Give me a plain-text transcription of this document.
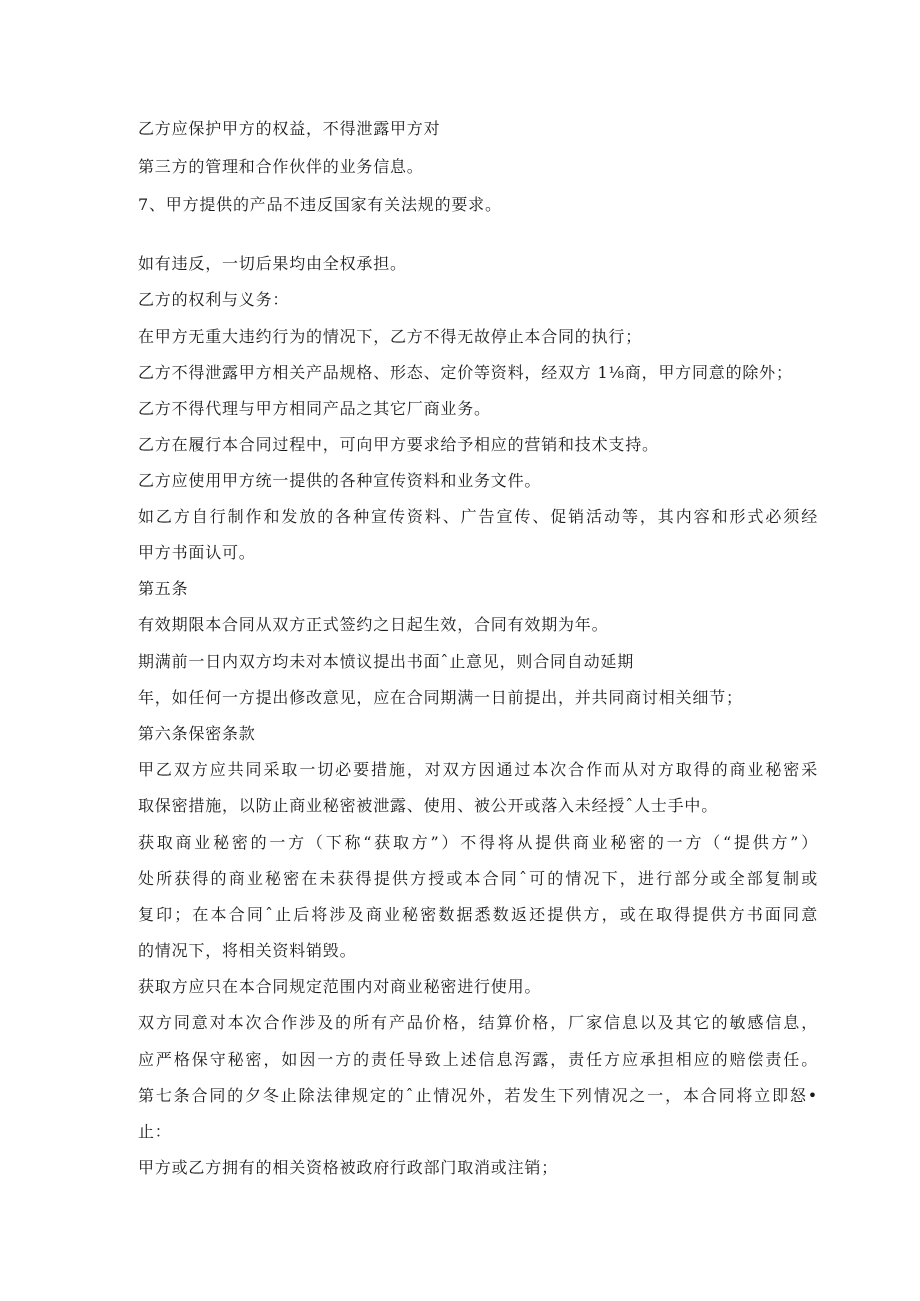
乙方应保护甲方的权益，不得泄露甲方对

第三方的管理和合作伙伴的业务信息。

7、甲方提供的产品不违反国家有关法规的要求。

如有违反，一切后果均由全权承担。

乙方的权利与义务：

在甲方无重大违约行为的情况下，乙方不得无故停止本合同的执行；

乙方不得泄露甲方相关产品规格、形态、定价等资料，经双方 1⅛商，甲方同意的除外；

乙方不得代理与甲方相同产品之其它厂商业务。

乙方在履行本合同过程中，可向甲方要求给予相应的营销和技术支持。

乙方应使用甲方统一提供的各种宣传资料和业务文件。

如乙方自行制作和发放的各种宣传资料、广告宣传、促销活动等，其内容和形式必须经

甲方书面认可。

第五条

有效期限本合同从双方正式签约之日起生效，合同有效期为年。

期满前一日内双方均未对本愤议提出书面ˆ止意见，则合同自动延期

年，如任何一方提出修改意见，应在合同期满一日前提出，并共同商讨相关细节；

第六条保密条款

甲乙双方应共同采取一切必要措施，对双方因通过本次合作而从对方取得的商业秘密采

取保密措施，以防止商业秘密被泄露、使用、被公开或落入未经授ˆ人士手中。

获取商业秘密的一方（下称“获取方”）不得将从提供商业秘密的一方（“提供方”）

处所获得的商业秘密在未获得提供方授或本合同ˆ可的情况下，进行部分或全部复制或

复印；在本合同ˆ止后将涉及商业秘密数据悉数返还提供方，或在取得提供方书面同意

的情况下，将相关资料销毁。

获取方应只在本合同规定范围内对商业秘密进行使用。

双方同意对本次合作涉及的所有产品价格，结算价格，厂家信息以及其它的敏感信息，

应严格保守秘密，如因一方的责任导致上述信息泻露，责任方应承担相应的赔偿责任。

第七条合同的夕冬止除法律规定的ˆ止情况外，若发生下列情况之一，本合同将立即怒•

止：

甲方或乙方拥有的相关资格被政府行政部门取消或注销；
